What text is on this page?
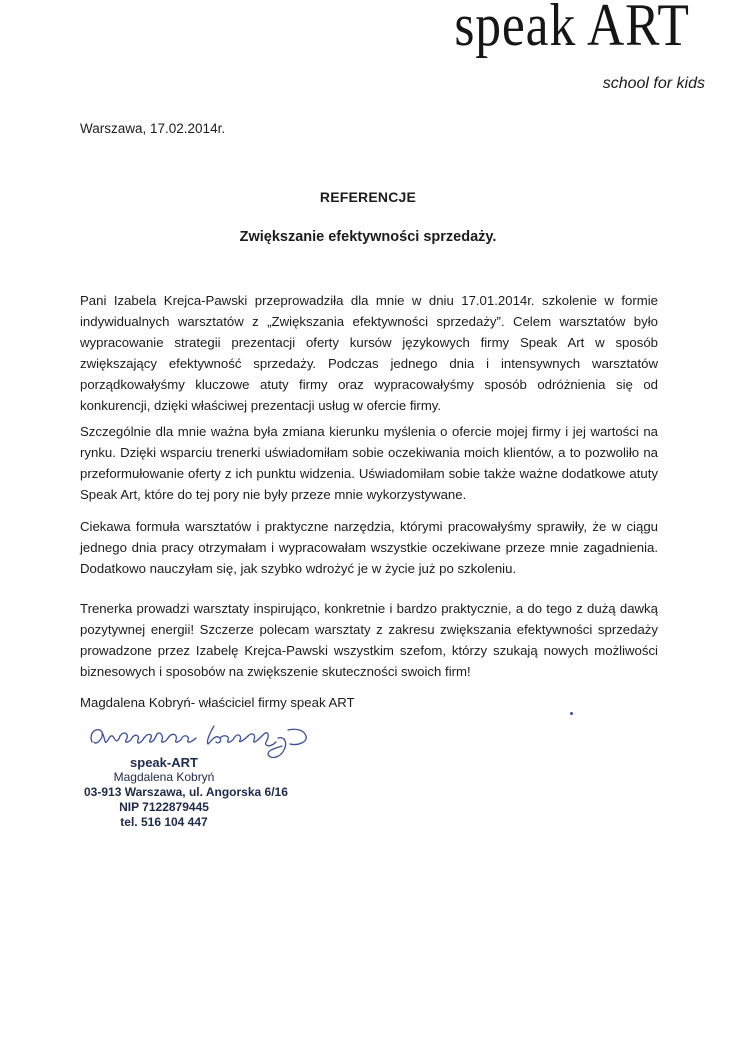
speak ART
school for kids
Warszawa, 17.02.2014r.
REFERENCJE
Zwiększanie efektywności sprzedaży.

Pani Izabela Krejca-Pawski przeprowadziła dla mnie w dniu 17.01.2014r. szkolenie w formie indywidualnych warsztatów z „Zwiększania efektywności sprzedaży”. Celem warsztatów było wypracowanie strategii prezentacji oferty kursów językowych firmy Speak Art w sposób zwiększający efektywność sprzedaży. Podczas jednego dnia i intensywnych warsztatów porządkowałyśmy kluczowe atuty firmy oraz wypracowałyśmy sposób odróżnienia się od konkurencji, dzięki właściwej prezentacji usług w ofercie firmy.

Szczególnie dla mnie ważna była zmiana kierunku myślenia o ofercie mojej firmy i jej wartości na rynku. Dzięki wsparciu trenerki uświadomiłam sobie oczekiwania moich klientów, a to pozwoliło na przeformułowanie oferty z ich punktu widzenia. Uświadomiłam sobie także ważne dodatkowe atuty Speak Art, które do tej pory nie były przeze mnie wykorzystywane.

Ciekawa formuła warsztatów i praktyczne narzędzia, którymi pracowałyśmy sprawiły, że w ciągu jednego dnia pracy otrzymałam i wypracowałam wszystkie oczekiwane przeze mnie zagadnienia. Dodatkowo nauczyłam się, jak szybko wdrożyć je w życie już po szkoleniu.

Trenerka prowadzi warsztaty inspirująco, konkretnie i bardzo praktycznie, a do tego z dużą dawką pozytywnej energii! Szczerze polecam warsztaty z zakresu zwiększania efektywności sprzedaży prowadzone przez Izabelę Krejca-Pawski wszystkim szefom, którzy szukają nowych możliwości biznesowych i sposobów na zwiększenie skuteczności swoich firm!

Magdalena Kobryń- właściciel firmy speak ART
speak-ART
Magdalena Kobryń
03-913 Warszawa, ul. Angorska 6/16
NIP 7122879445
tel. 516 104 447
